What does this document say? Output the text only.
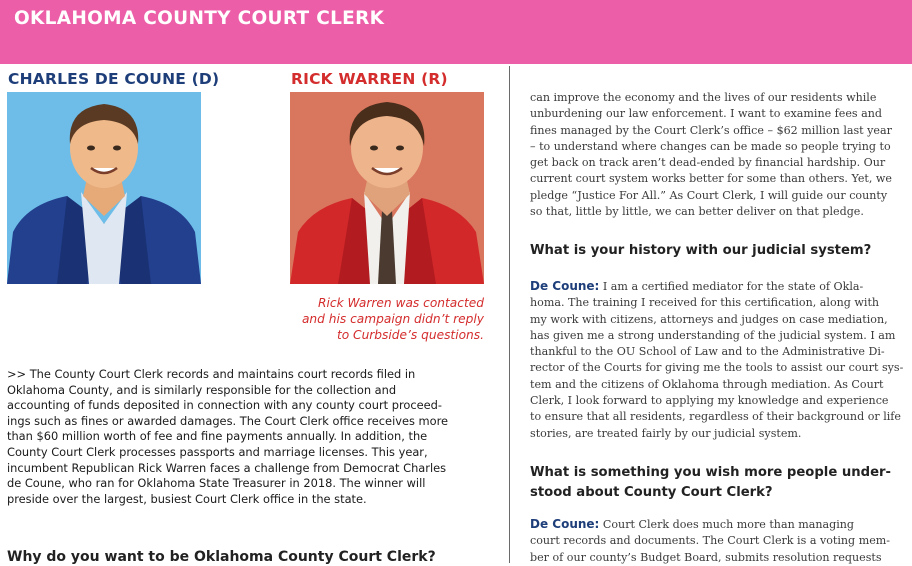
OKLAHOMA COUNTY COURT CLERK
CHARLES DE COUNE (D)	RICK WARREN (R)
Rick Warren was contacted
and his campaign didn’t reply
to Curbside’s questions.
>> The County Court Clerk records and maintains court records filed in
Oklahoma County, and is similarly responsible for the collection and
accounting of funds deposited in connection with any county court proceed-
ings such as fines or awarded damages. The Court Clerk office receives more
than $60 million worth of fee and fine payments annually. In addition, the
County Court Clerk processes passports and marriage licenses. This year,
incumbent Republican Rick Warren faces a challenge from Democrat Charles
de Coune, who ran for Oklahoma State Treasurer in 2018. The winner will
preside over the largest, busiest Court Clerk office in the state.
Why do you want to be Oklahoma County Court Clerk?
can improve the economy and the lives of our residents while
unburdening our law enforcement. I want to examine fees and
fines managed by the Court Clerk’s office – $62 million last year
– to understand where changes can be made so people trying to
get back on track aren’t dead-ended by financial hardship. Our
current court system works better for some than others. Yet, we
pledge “Justice For All.” As Court Clerk, I will guide our county
so that, little by little, we can better deliver on that pledge.
What is your history with our judicial system?
De Coune: I am a certified mediator for the state of Okla-
homa. The training I received for this certification, along with
my work with citizens, attorneys and judges on case mediation,
has given me a strong understanding of the judicial system. I am
thankful to the OU School of Law and to the Administrative Di-
rector of the Courts for giving me the tools to assist our court sys-
tem and the citizens of Oklahoma through mediation. As Court
Clerk, I look forward to applying my knowledge and experience
to ensure that all residents, regardless of their background or life
stories, are treated fairly by our judicial system.
What is something you wish more people under-
stood about County Court Clerk?
De Coune: Court Clerk does much more than managing
court records and documents. The Court Clerk is a voting mem-
ber of our county’s Budget Board, submits resolution requests
